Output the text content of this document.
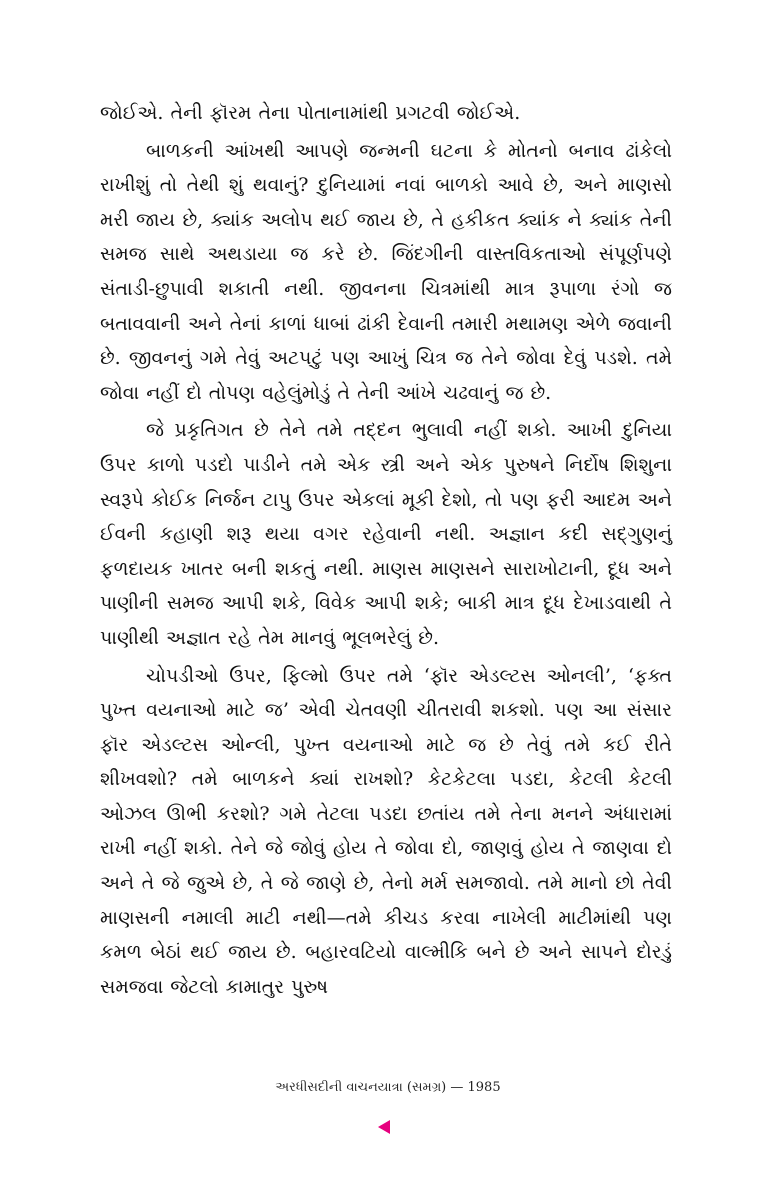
જોઈએ. તેની ફૉરમ તેના પોતાનામાંથી પ્રગટવી જોઈએ.

બાળકની આંખથી આપણે જન્મની ઘટના કે મોતનો બનાવ ઢાંકેલો રાખીશું તો તેથી શું થવાનું? દુનિયામાં નવાં બાળકો આવે છે, અને માણસો મરી જાય છે, ક્યાંક અલોપ થઈ જાય છે, તે હકીકત ક્યાંક ને ક્યાંક તેની સમજ સાથે અથડાયા જ કરે છે. જિંદગીની વાસ્તવિકતાઓ સંપૂર્ણપણે સંતાડી-છુપાવી શકાતી નથી. જીવનના ચિત્રમાંથી માત્ર રૂપાળા રંગો જ બતાવવાની અને તેનાં કાળાં ધાબાં ઢાંકી દેવાની તમારી મથામણ એળે જવાની છે. જીવનનું ગમે તેવું અટપટું પણ આખું ચિત્ર જ તેને જોવા દેવું પડશે. તમે જોવા નહીં દો તોપણ વહેલુંમોડું તે તેની આંખે ચઢવાનું જ છે.

જે પ્રકૃતિગત છે તેને તમે તદ્દન ભુલાવી નહીં શકો. આખી દુનિયા ઉપર કાળો પડદો પાડીને તમે એક સ્ત્રી અને એક પુરુષને નિર્દોષ શિશુના સ્વરૂપે કોઈક નિર્જન ટાપુ ઉપર એકલાં મૂકી દેશો, તો પણ ફરી આદમ અને ઈવની કહાણી શરૂ થયા વગર રહેવાની નથી. અજ્ઞાન કદી સદ્ગુણનું ફળદાયક ખાતર બની શકતું નથી. માણસ માણસને સારાખોટાની, દૂધ અને પાણીની સમજ આપી શકે, વિવેક આપી શકે; બાકી માત્ર દૂધ દેખાડવાથી તે પાણીથી અજ્ઞાત રહે તેમ માનવું ભૂલભરેલું છે.

ચોપડીઓ ઉપર, ફિલ્મો ઉપર તમે ‘ફૉર એડલ્ટસ ઓનલી’, ‘ફક્ત પુખ્ત વયનાઓ માટે જ’ એવી ચેતવણી ચીતરાવી શકશો. પણ આ સંસાર ફૉર એડલ્ટસ ઓન્લી, પુખ્ત વયનાઓ માટે જ છે તેવું તમે કઈ રીતે શીખવશો? તમે બાળકને ક્યાં રાખશો? કેટકેટલા પડદા, કેટલી કેટલી ઓઝલ ઊભી કરશો? ગમે તેટલા પડદા છતાંય તમે તેના મનને અંધારામાં રાખી નહીં શકો. તેને જે જોવું હોય તે જોવા દો, જાણવું હોય તે જાણવા દો અને તે જે જુએ છે, તે જે જાણે છે, તેનો મર્મ સમજાવો. તમે માનો છો તેવી માણસની નમાલી માટી નથી—તમે કીચડ કરવા નાખેલી માટીમાંથી પણ કમળ બેઠાં થઈ જાય છે. બહારવટિયો વાલ્મીકિ બને છે અને સાપને દોરડું સમજવા જેટલો કામાતુર પુરુષ

અરધીસદીની વાચનયાત્રા (સમગ્ર) — 1985
